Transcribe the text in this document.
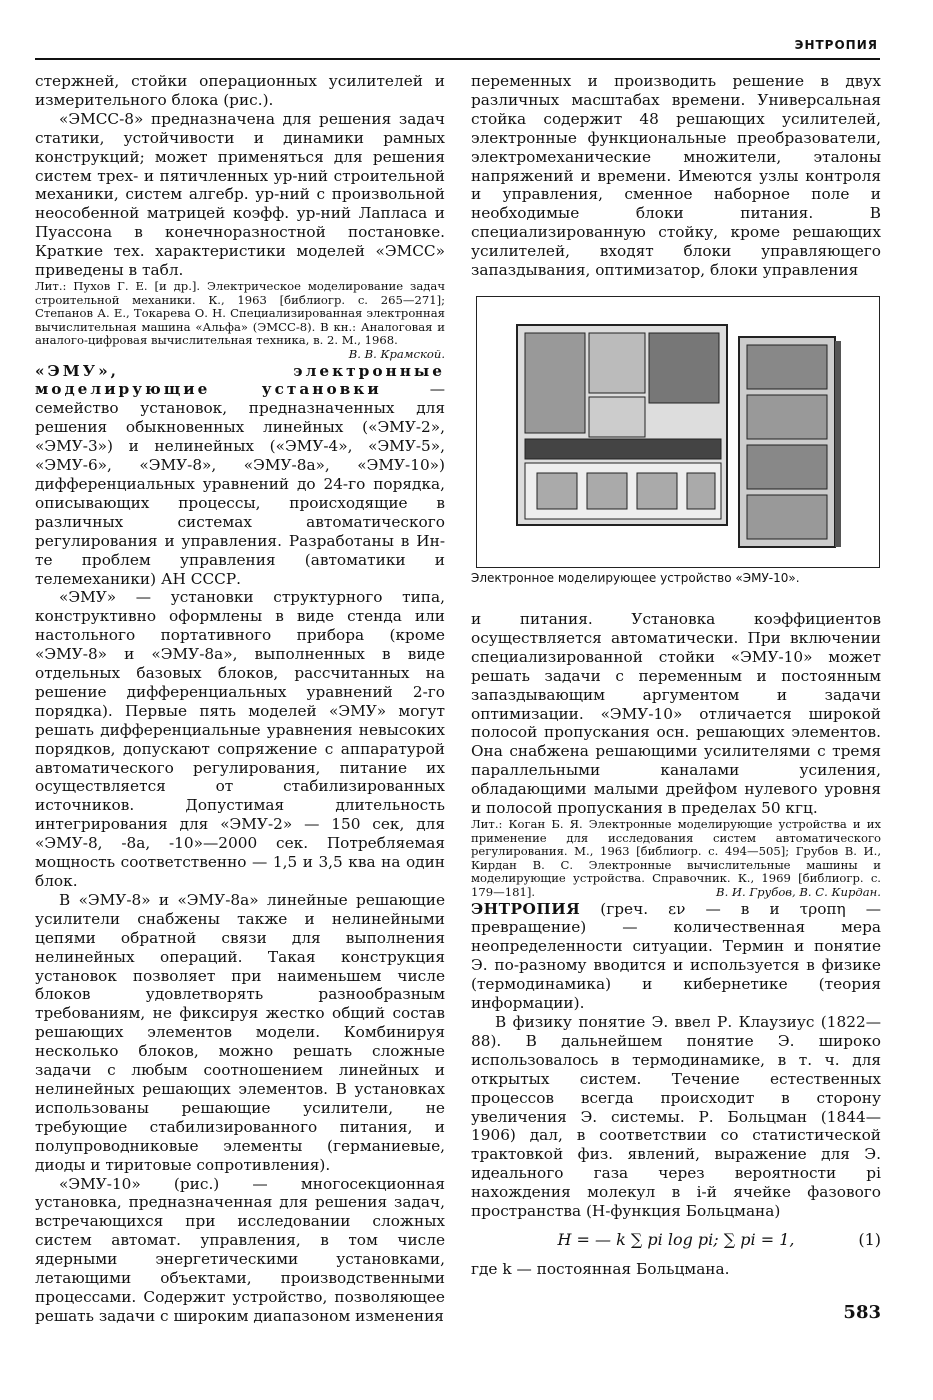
ЭНТРОПИЯ

стержней, стойки операционных усилителей и измерительного блока (рис.).

«ЭМСС-8» предназначена для решения задач статики, устойчивости и динамики рамных конструкций; может применяться для решения систем трех- и пятичленных ур-ний строительной механики, систем алгебр. ур-ний с произвольной неособенной матрицей коэфф. ур-ний Лапласа и Пуассона в конечноразностной постановке. Краткие тех. характеристики моделей «ЭМСС» приведены в табл.

Лит.: Пухов Г. Е. [и др.]. Электрическое моделирование задач строительной механики. К., 1963 [библиогр. с. 265—271]; Степанов А. Е., Токарева О. Н. Специализированная электронная вычислительная машина «Альфа» (ЭМСС-8). В кн.: Аналоговая и аналого-цифровая вычислительная техника, в. 2. М., 1968.
В. В. Крамской.

«ЭМУ», электронные моделирующие установки — семейство установок, предназначенных для решения обыкновенных линейных («ЭМУ-2», «ЭМУ-3») и нелинейных («ЭМУ-4», «ЭМУ-5», «ЭМУ-6», «ЭМУ-8», «ЭМУ-8а», «ЭМУ-10») дифференциальных уравнений до 24-го порядка, описывающих процессы, происходящие в различных системах автоматического регулирования и управления. Разработаны в Ин-те проблем управления (автоматики и телемеханики) АН СССР.

«ЭМУ» — установки структурного типа, конструктивно оформлены в виде стенда или настольного портативного прибора (кроме «ЭМУ-8» и «ЭМУ-8а», выполненных в виде отдельных базовых блоков, рассчитанных на решение дифференциальных уравнений 2-го порядка). Первые пять моделей «ЭМУ» могут решать дифференциальные уравнения невысоких порядков, допускают сопряжение с аппаратурой автоматического регулирования, питание их осуществляется от стабилизированных источников. Допустимая длительность интегрирования для «ЭМУ-2» — 150 сек, для «ЭМУ-8, -8а, -10»—2000 сек. Потребляемая мощность соответственно — 1,5 и 3,5 ква на один блок.

В «ЭМУ-8» и «ЭМУ-8а» линейные решающие усилители снабжены также и нелинейными цепями обратной связи для выполнения нелинейных операций. Такая конструкция установок позволяет при наименьшем числе блоков удовлетворять разнообразным требованиям, не фиксируя жестко общий состав решающих элементов модели. Комбинируя несколько блоков, можно решать сложные задачи с любым соотношением линейных и нелинейных решающих элементов. В установках использованы решающие усилители, не требующие стабилизированного питания, и полупроводниковые элементы (германиевые, диоды и тиритовые сопротивления).

«ЭМУ-10» (рис.) — многосекционная установка, предназначенная для решения задач, встречающихся при исследовании сложных систем автомат. управления, в том числе ядерными энергетическими установками, летающими объектами, производственными процессами. Содержит устройство, позволяющее решать задачи с широким диапазоном изменения

переменных и производить решение в двух различных масштабах времени. Универсальная стойка содержит 48 решающих усилителей, электронные функциональные преобразователи, электромеханические множители, эталоны напряжений и времени. Имеются узлы контроля и управления, сменное наборное поле и необходимые блоки питания. В специализированную стойку, кроме решающих усилителей, входят блоки управляющего запаздывания, оптимизатор, блоки управления

Электронное моделирующее устройство «ЭМУ-10».

и питания. Установка коэффициентов осуществляется автоматически. При включении специализированной стойки «ЭМУ-10» может решать задачи с переменным и постоянным запаздывающим аргументом и задачи оптимизации. «ЭМУ-10» отличается широкой полосой пропускания осн. решающих элементов. Она снабжена решающими усилителями с тремя параллельными каналами усиления, обладающими малыми дрейфом нулевого уровня и полосой пропускания в пределах 50 кгц.

Лит.: Коган Б. Я. Электронные моделирующие устройства и их применение для исследования систем автоматического регулирования. М., 1963 [библиогр. с. 494—505]; Грубов В. И., Кирдан В. С. Электронные вычислительные машины и моделирующие устройства. Справочник. К., 1969 [библиогр. с. 179—181].	В. И. Грубов, В. С. Кирдан.

ЭНТРОПИЯ (греч. εν — в и τροπη — превращение) — количественная мера неопределенности ситуации. Термин и понятие Э. по-разному вводится и используется в физике (термодинамика) и кибернетике (теория информации).

В физику понятие Э. ввел Р. Клаузиус (1822—88). В дальнейшем понятие Э. широко использовалось в термодинамике, в т. ч. для открытых систем. Течение естественных процессов всегда происходит в сторону увеличения Э. системы. Р. Больцман (1844—1906) дал, в соответствии со статистической трактовкой физ. явлений, выражение для Э. идеального газа через вероятности pi нахождения молекул в i-й ячейке фазового пространства (H-функция Больцмана)

H = — k ∑ pi log pi; ∑ pi = 1,	(1)

где k — постоянная Больцмана.

583
